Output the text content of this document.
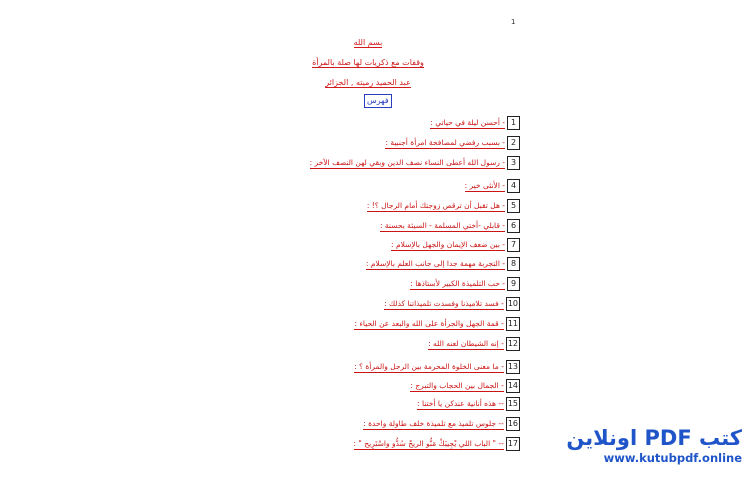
1
بسم الله
وقفات مع ذكريات لها صلة بالمرأة
عبد الحميد رميته , الجزائر
فهرس
1
- أحسن ليلة في حياتي :
2
- بسبب رفضي لمصافحة امرأة أجنبية :
3
- رسول الله أعطى النساء نصف الدين وبقي لهن النصف الآخر :
4
- الأنثى خير :
5
- هل تقبل أن ترقص زوجتك أمام الرجال ؟! :
6
- قابلي -أختي المسلمة - السيئة بحسنة :
7
- بين ضعف الإيمان والجهل بالإسلام :
8
- التجربة مهمة جدا إلى جانب العلم بالإسلام :
9
- حب التلميذة الكبير لأستاذها :
10
- فسد تلاميذنا وفسدت تلميذاتنا كذلك :
11
- قمة الجهل والجرأة على الله والبعد عن الحياء :
12
- إنه الشيطان لعنه الله :
13
- ما معنى الخلوة المحرمة بين الرجل والمرأة ؟ :
14
- الجمال بين الحجاب والتبرج :
15
-- هذه أنانية عندكن يا أختنا :
16
-- جلوس تلميذ مع تلميذة خلف طاولة واحدة :
17
-- " الباب اللي يْجِيبَكْ مَنُّو الريحْ سُدُّو واسْتَرِيح " :	كتب PDF اونلاين
www.kutubpdf.online
